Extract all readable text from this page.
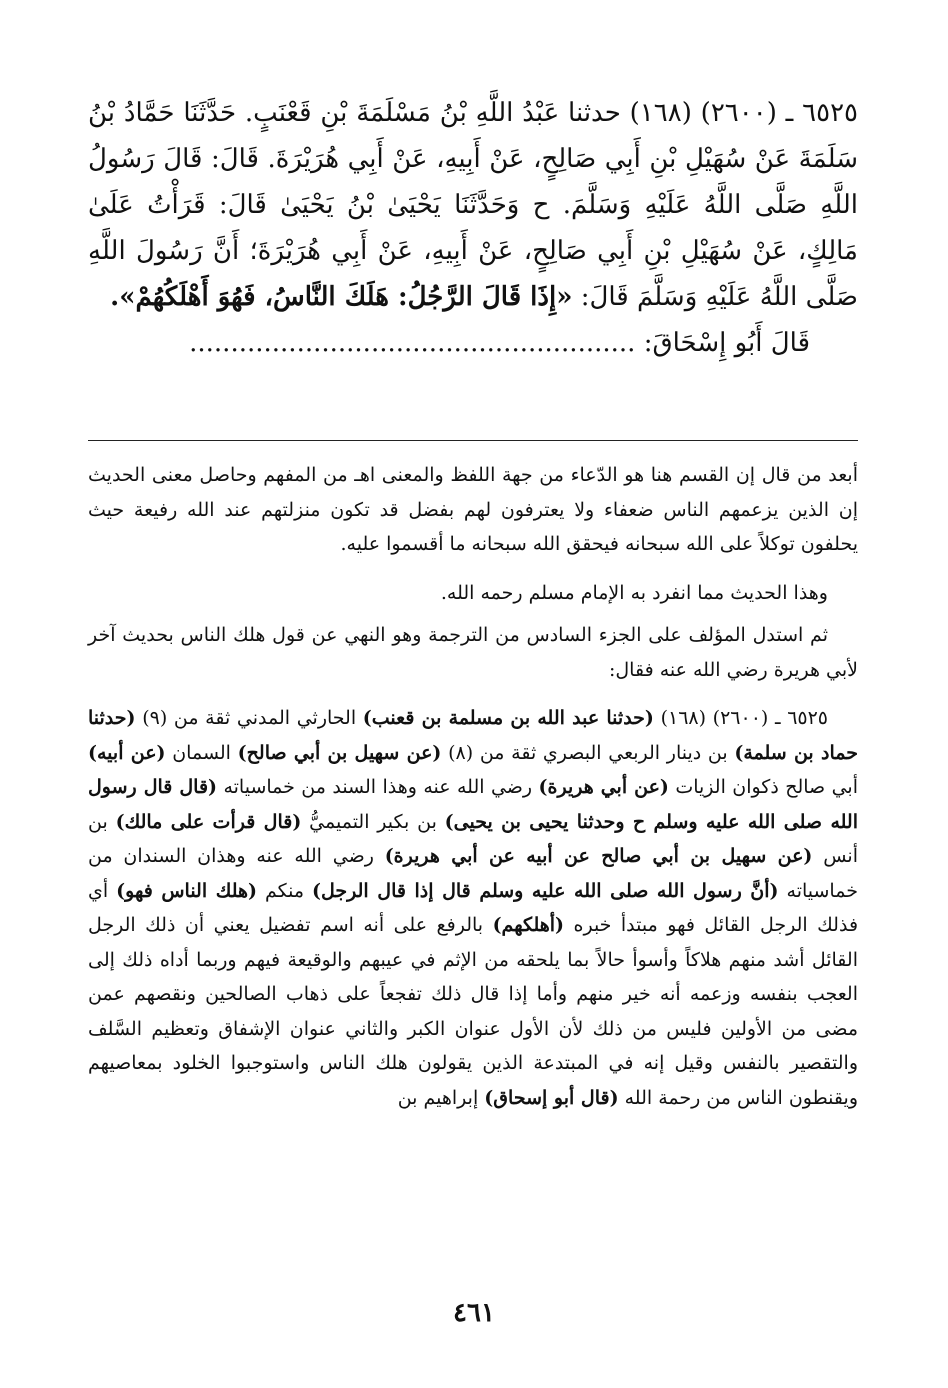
٦٥٢٥ ـ (٢٦٠٠) (١٦٨) حدثنا عَبْدُ اللَّهِ بْنُ مَسْلَمَةَ بْنِ قَعْنَبٍ. حَدَّثَنَا حَمَّادُ بْنُ سَلَمَةَ عَنْ سُهَيْلِ بْنِ أَبِي صَالِحٍ، عَنْ أَبِيهِ، عَنْ أَبِي هُرَيْرَةَ. قَالَ: قَالَ رَسُولُ اللَّهِ صَلَّى اللَّهُ عَلَيْهِ وَسَلَّمَ. ح وَحَدَّثَنَا يَحْيَىٰ بْنُ يَحْيَىٰ قَالَ: قَرَأْتُ عَلَىٰ مَالِكٍ، عَنْ سُهَيْلِ بْنِ أَبِي صَالِحٍ، عَنْ أَبِيهِ، عَنْ أَبِي هُرَيْرَةَ؛ أَنَّ رَسُولَ اللَّهِ صَلَّى اللَّهُ عَلَيْهِ وَسَلَّمَ قَالَ: «إِذَا قَالَ الرَّجُلُ: هَلَكَ النَّاسُ، فَهُوَ أَهْلَكُهُمْ».

قَالَ أَبُو إِسْحَاقَ: ......................................................

أبعد من قال إن القسم هنا هو الدّعاء من جهة اللفظ والمعنى اهـ من المفهم وحاصل معنى الحديث إن الذين يزعمهم الناس ضعفاء ولا يعترفون لهم بفضل قد تكون منزلتهم عند الله رفيعة حيث يحلفون توكلاً على الله سبحانه فيحقق الله سبحانه ما أقسموا عليه.

وهذا الحديث مما انفرد به الإمام مسلم رحمه الله.

ثم استدل المؤلف على الجزء السادس من الترجمة وهو النهي عن قول هلك الناس بحديث آخر لأبي هريرة رضي الله عنه فقال:

٦٥٢٥ ـ (٢٦٠٠) (١٦٨) (حدثنا عبد الله بن مسلمة بن قعنب) الحارثي المدني ثقة من (٩) (حدثنا حماد بن سلمة) بن دينار الربعي البصري ثقة من (٨) (عن سهيل بن أبي صالح) السمان (عن أبيه) أبي صالح ذكوان الزيات (عن أبي هريرة) رضي الله عنه وهذا السند من خماسياته (قال قال رسول الله صلى الله عليه وسلم ح وحدثنا يحيى بن يحيى) بن بكير التميميُّ (قال قرأت على مالك) بن أنس (عن سهيل بن أبي صالح عن أبيه عن أبي هريرة) رضي الله عنه وهذان السندان من خماسياته (أنَّ رسول الله صلى الله عليه وسلم قال إذا قال الرجل) منكم (هلك الناس فهو) أي فذلك الرجل القائل فهو مبتدأ خبره (أهلكهم) بالرفع على أنه اسم تفضيل يعني أن ذلك الرجل القائل أشد منهم هلاكاً وأسوأ حالاً بما يلحقه من الإثم في عيبهم والوقيعة فيهم وربما أداه ذلك إلى العجب بنفسه وزعمه أنه خير منهم وأما إذا قال ذلك تفجعاً على ذهاب الصالحين ونقصهم عمن مضى من الأولين فليس من ذلك لأن الأول عنوان الكبر والثاني عنوان الإشفاق وتعظيم السَّلف والتقصير بالنفس وقيل إنه في المبتدعة الذين يقولون هلك الناس واستوجبوا الخلود بمعاصيهم ويقنطون الناس من رحمة الله (قال أبو إسحاق) إبراهيم بن

٤٦١
